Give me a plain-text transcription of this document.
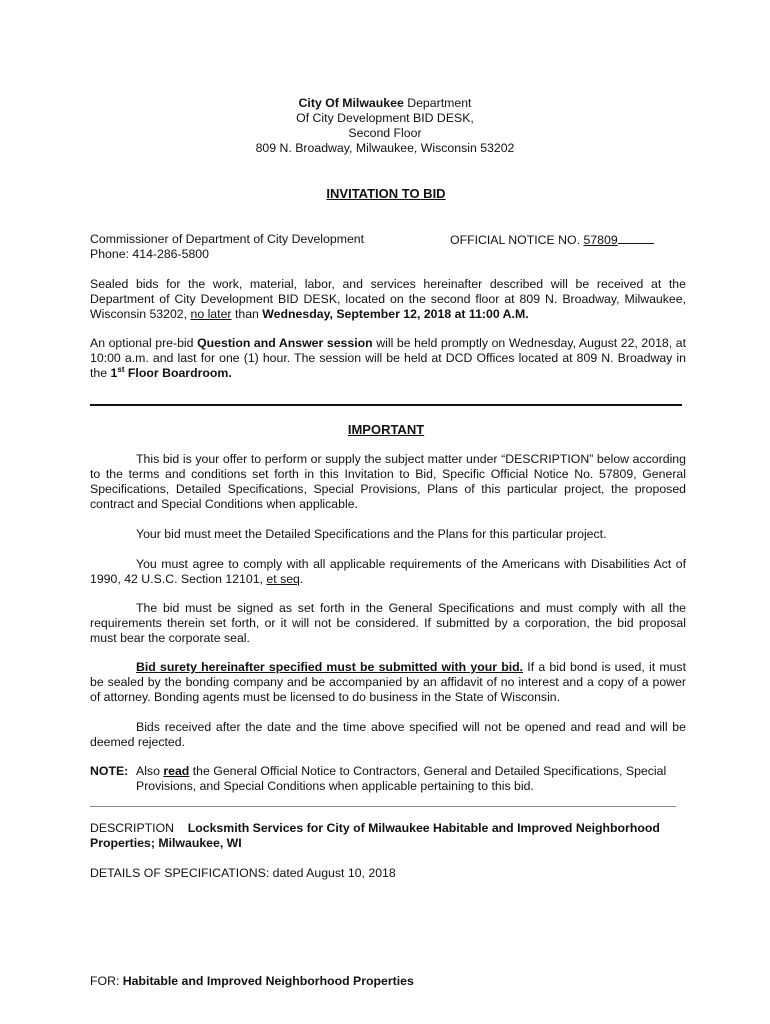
City Of Milwaukee Department
Of City Development BID DESK,
Second Floor
809 N. Broadway, Milwaukee, Wisconsin 53202
INVITATION TO BID
Commissioner of Department of City Development
Phone: 414-286-5800
OFFICIAL NOTICE NO. 57809
Sealed bids for the work, material, labor, and services hereinafter described will be received at the Department of City Development BID DESK, located on the second floor at 809 N. Broadway, Milwaukee, Wisconsin 53202, no later than Wednesday, September 12, 2018 at 11:00 A.M.
An optional pre-bid Question and Answer session will be held promptly on Wednesday, August 22, 2018, at 10:00 a.m. and last for one (1) hour. The session will be held at DCD Offices located at 809 N. Broadway in the 1st Floor Boardroom.
IMPORTANT
This bid is your offer to perform or supply the subject matter under “DESCRIPTION” below according to the terms and conditions set forth in this Invitation to Bid, Specific Official Notice No. 57809, General Specifications, Detailed Specifications, Special Provisions, Plans of this particular project, the proposed contract and Special Conditions when applicable.
Your bid must meet the Detailed Specifications and the Plans for this particular project.
You must agree to comply with all applicable requirements of the Americans with Disabilities Act of 1990, 42 U.S.C. Section 12101, et seq.
The bid must be signed as set forth in the General Specifications and must comply with all the requirements therein set forth, or it will not be considered. If submitted by a corporation, the bid proposal must bear the corporate seal.
Bid surety hereinafter specified must be submitted with your bid. If a bid bond is used, it must be sealed by the bonding company and be accompanied by an affidavit of no interest and a copy of a power of attorney. Bonding agents must be licensed to do business in the State of Wisconsin.
Bids received after the date and the time above specified will not be opened and read and will be deemed rejected.
NOTE: Also read the General Official Notice to Contractors, General and Detailed Specifications, Special
Provisions, and Special Conditions when applicable pertaining to this bid.
DESCRIPTION Locksmith Services for City of Milwaukee Habitable and Improved Neighborhood Properties; Milwaukee, WI
DETAILS OF SPECIFICATIONS: dated August 10, 2018
FOR: Habitable and Improved Neighborhood Properties
